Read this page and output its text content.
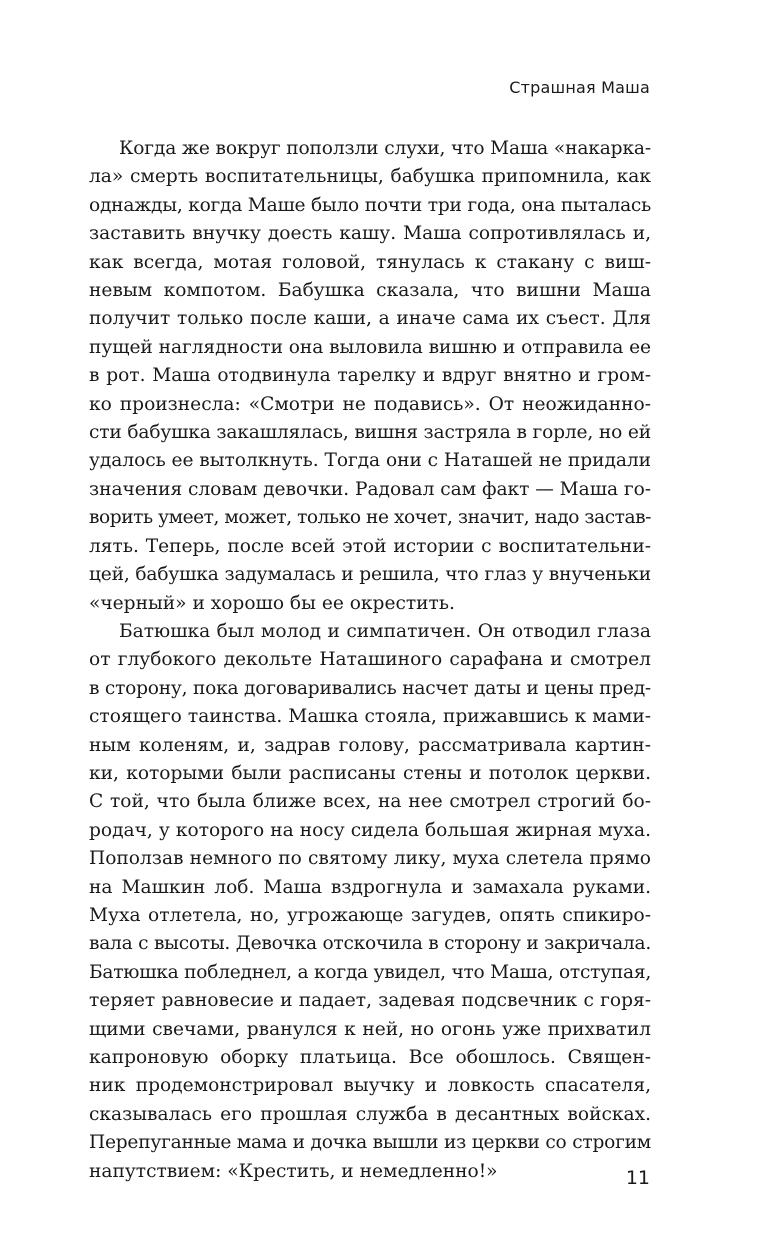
Страшная Маша

Когда же вокруг поползли слухи, что Маша «накарка-
ла» смерть воспитательницы, бабушка припомнила, как
однажды, когда Маше было почти три года, она пыталась
заставить внучку доесть кашу. Маша сопротивлялась и,
как всегда, мотая головой, тянулась к стакану с виш-
невым компотом. Бабушка сказала, что вишни Маша
получит только после каши, а иначе сама их съест. Для
пущей наглядности она выловила вишню и отправила ее
в рот. Маша отодвинула тарелку и вдруг внятно и гром-
ко произнесла: «Смотри не подавись». От неожиданно-
сти бабушка закашлялась, вишня застряла в горле, но ей
удалось ее вытолкнуть. Тогда они с Наташей не придали
значения словам девочки. Радовал сам факт — Маша го-
ворить умеет, может, только не хочет, значит, надо застав-
лять. Теперь, после всей этой истории с воспитательни-
цей, бабушка задумалась и решила, что глаз у внученьки
«черный» и хорошо бы ее окрестить.

Батюшка был молод и симпатичен. Он отводил глаза
от глубокого декольте Наташиного сарафана и смотрел
в сторону, пока договаривались насчет даты и цены пред-
стоящего таинства. Машка стояла, прижавшись к мами-
ным коленям, и, задрав голову, рассматривала картин-
ки, которыми были расписаны стены и потолок церкви.
С той, что была ближе всех, на нее смотрел строгий бо-
родач, у которого на носу сидела большая жирная муха.
Поползав немного по святому лику, муха слетела прямо
на Машкин лоб. Маша вздрогнула и замахала руками.
Муха отлетела, но, угрожающе загудев, опять спикиро-
вала с высоты. Девочка отскочила в сторону и закричала.
Батюшка побледнел, а когда увидел, что Маша, отступая,
теряет равновесие и падает, задевая подсвечник с горя-
щими свечами, рванулся к ней, но огонь уже прихватил
капроновую оборку платьица. Все обошлось. Священ-
ник продемонстрировал выучку и ловкость спасателя,
сказывалась его прошлая служба в десантных войсках.
Перепуганные мама и дочка вышли из церкви со строгим
напутствием: «Крестить, и немедленно!»	11
